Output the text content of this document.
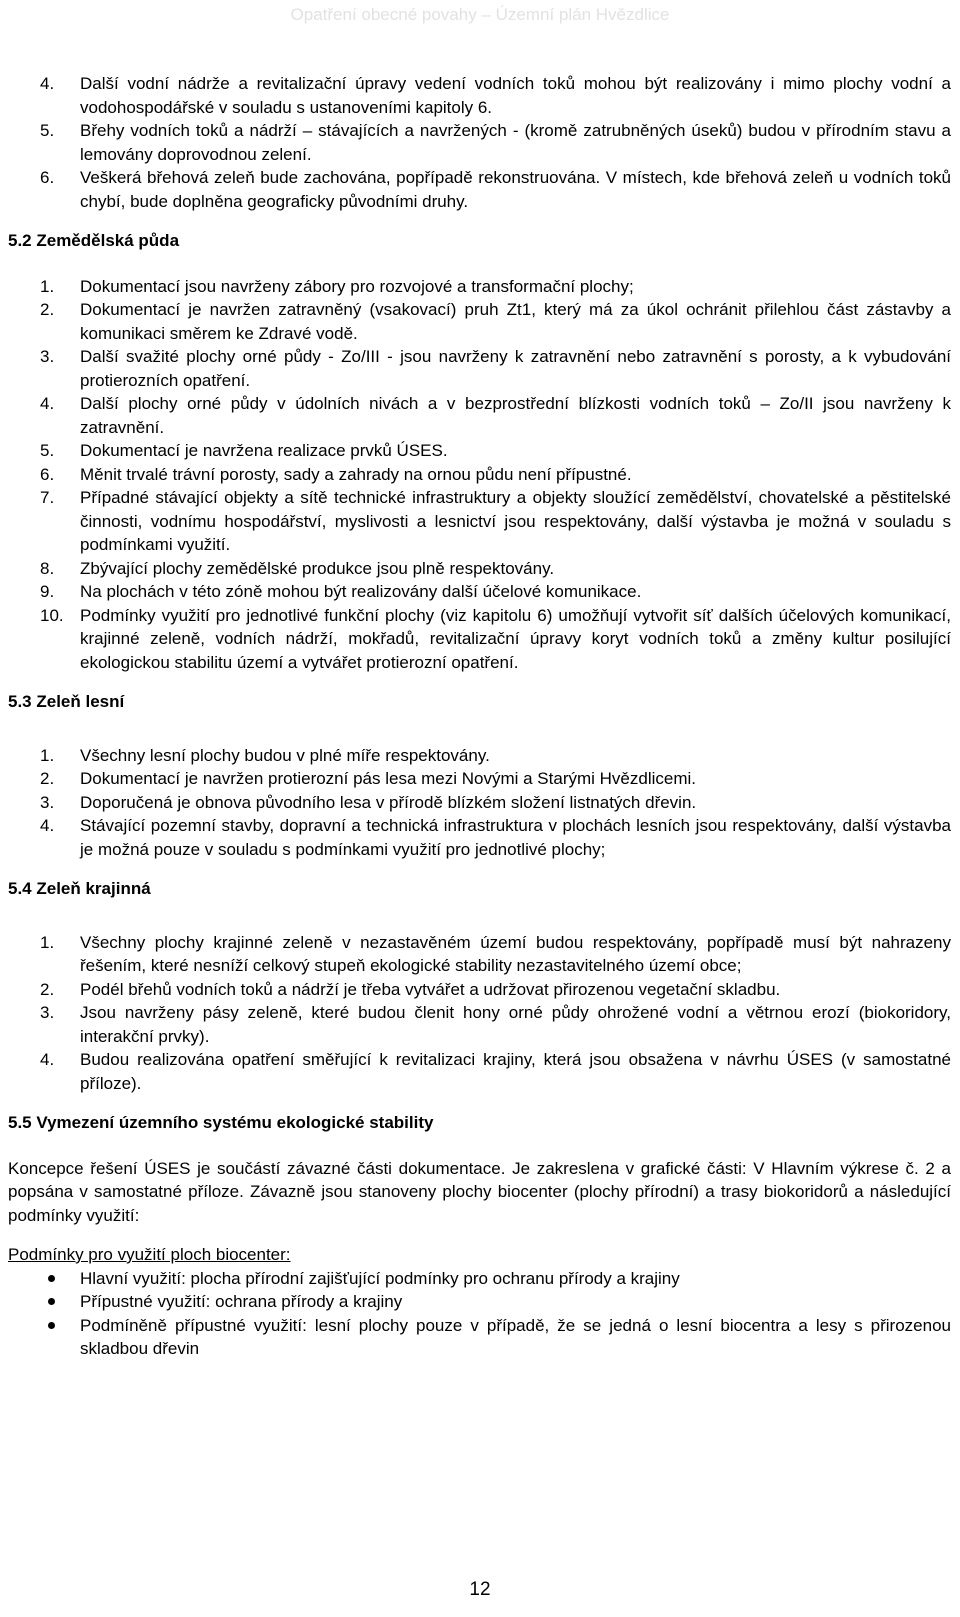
Opatření obecné povahy – Územní plán Hvězdlice
4. Další vodní nádrže a revitalizační úpravy vedení vodních toků mohou být realizovány i mimo plochy vodní a vodohospodářské v souladu s ustanoveními kapitoly 6.
5. Břehy vodních toků a nádrží – stávajících a navržených - (kromě zatrubněných úseků) budou v přírodním stavu a lemovány doprovodnou zelení.
6. Veškerá břehová zeleň bude zachována, popřípadě rekonstruována. V místech, kde břehová zeleň u vodních toků chybí, bude doplněna geograficky původními druhy.
5.2 Zemědělská půda
1. Dokumentací jsou navrženy zábory pro rozvojové a transformační plochy;
2. Dokumentací je navržen zatravněný (vsakovací) pruh Zt1, který má za úkol ochránit přilehlou část zástavby a komunikaci směrem ke Zdravé vodě.
3. Další svažité plochy orné půdy - Zo/III - jsou navrženy k zatravnění nebo zatravnění s porosty, a k vybudování protierozních opatření.
4. Další plochy orné půdy v údolních nivách a v bezprostřední blízkosti vodních toků – Zo/II jsou navrženy k zatravnění.
5. Dokumentací je navržena realizace prvků ÚSES.
6. Měnit trvalé trávní porosty, sady a zahrady na ornou půdu není přípustné.
7. Případné stávající objekty a sítě technické infrastruktury a objekty sloužící zemědělství, chovatelské a pěstitelské činnosti, vodnímu hospodářství, myslivosti a lesnictví jsou respektovány, další výstavba je možná v souladu s podmínkami využití.
8. Zbývající plochy zemědělské produkce jsou plně respektovány.
9. Na plochách v této zóně mohou být realizovány další účelové komunikace.
10. Podmínky využití pro jednotlivé funkční plochy (viz kapitolu 6) umožňují vytvořit síť dalších účelových komunikací, krajinné zeleně, vodních nádrží, mokřadů, revitalizační úpravy koryt vodních toků a změny kultur posilující ekologickou stabilitu území a vytvářet protierozní opatření.
5.3 Zeleň lesní
1. Všechny lesní plochy budou v plné míře respektovány.
2. Dokumentací je navržen protierozní pás lesa mezi Novými a Starými Hvězdlicemi.
3. Doporučená je obnova původního lesa v přírodě blízkém složení listnatých dřevin.
4. Stávající pozemní stavby, dopravní a technická infrastruktura v plochách lesních jsou respektovány, další výstavba je možná pouze v souladu s podmínkami využití pro jednotlivé plochy;
5.4 Zeleň krajinná
1. Všechny plochy krajinné zeleně v nezastavěném území budou respektovány, popřípadě musí být nahrazeny řešením, které nesníží celkový stupeň ekologické stability nezastavitelného území obce;
2. Podél břehů vodních toků a nádrží je třeba vytvářet a udržovat přirozenou vegetační skladbu.
3. Jsou navrženy pásy zeleně, které budou členit hony orné půdy ohrožené vodní a větrnou erozí (biokoridory, interakční prvky).
4. Budou realizována opatření směřující k revitalizaci krajiny, která jsou obsažena v návrhu ÚSES (v samostatné příloze).
5.5 Vymezení územního systému ekologické stability
Koncepce řešení ÚSES je součástí závazné části dokumentace. Je zakreslena v grafické části: V Hlavním výkrese č. 2 a popsána v samostatné příloze. Závazně jsou stanoveny plochy biocenter (plochy přírodní) a trasy biokoridorů a následující podmínky využití:
Podmínky pro využití ploch biocenter:
Hlavní využití: plocha přírodní zajišťující podmínky pro ochranu přírody a krajiny
Přípustné využití: ochrana přírody a krajiny
Podmíněně přípustné využití: lesní plochy pouze v případě, že se jedná o lesní biocentra a lesy s přirozenou skladbou dřevin
12
